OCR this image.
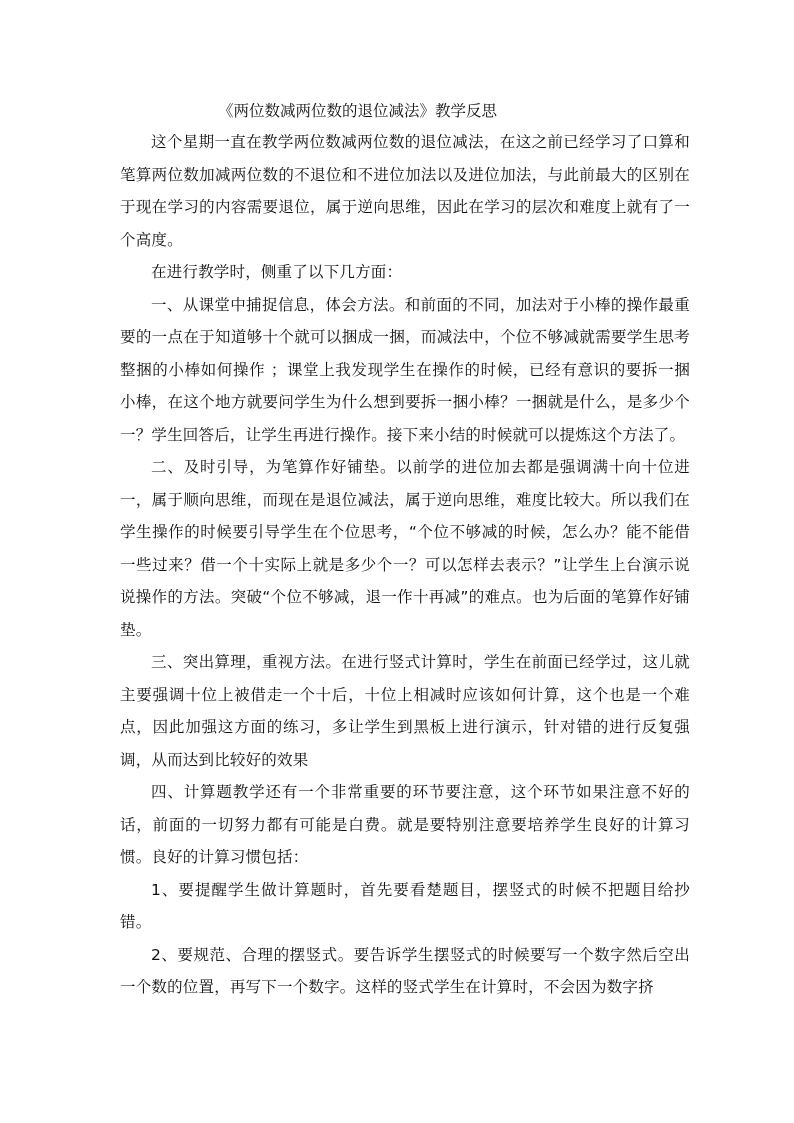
《两位数减两位数的退位减法》教学反思

这个星期一直在教学两位数减两位数的退位减法，在这之前已经学习了口算和笔算两位数加减两位数的不退位和不进位加法以及进位加法，与此前最大的区别在于现在学习的内容需要退位，属于逆向思维，因此在学习的层次和难度上就有了一个高度。

在进行教学时，侧重了以下几方面：

一、从课堂中捕捉信息，体会方法。和前面的不同，加法对于小棒的操作最重要的一点在于知道够十个就可以捆成一捆，而减法中，个位不够减就需要学生思考整捆的小棒如何操作 ；课堂上我发现学生在操作的时候，已经有意识的要拆一捆小棒，在这个地方就要问学生为什么想到要拆一捆小棒？一捆就是什么，是多少个一？学生回答后，让学生再进行操作。接下来小结的时候就可以提炼这个方法了。

二、及时引导，为笔算作好铺垫。以前学的进位加去都是强调满十向十位进一，属于顺向思维，而现在是退位减法，属于逆向思维，难度比较大。所以我们在学生操作的时候要引导学生在个位思考，“个位不够减的时候，怎么办？能不能借一些过来？借一个十实际上就是多少个一？可以怎样去表示？”让学生上台演示说说操作的方法。突破“个位不够减，退一作十再减”的难点。也为后面的笔算作好铺垫。

三、突出算理，重视方法。在进行竖式计算时，学生在前面已经学过，这儿就主要强调十位上被借走一个十后，十位上相减时应该如何计算，这个也是一个难点，因此加强这方面的练习，多让学生到黑板上进行演示，针对错的进行反复强调，从而达到比较好的效果

四、计算题教学还有一个非常重要的环节要注意，这个环节如果注意不好的话，前面的一切努力都有可能是白费。就是要特别注意要培养学生良好的计算习惯。良好的计算习惯包括：

1、要提醒学生做计算题时，首先要看楚题目，摆竖式的时候不把题目给抄错。

2、要规范、合理的摆竖式。要告诉学生摆竖式的时候要写一个数字然后空出一个数的位置，再写下一个数字。这样的竖式学生在计算时，不会因为数字挤
